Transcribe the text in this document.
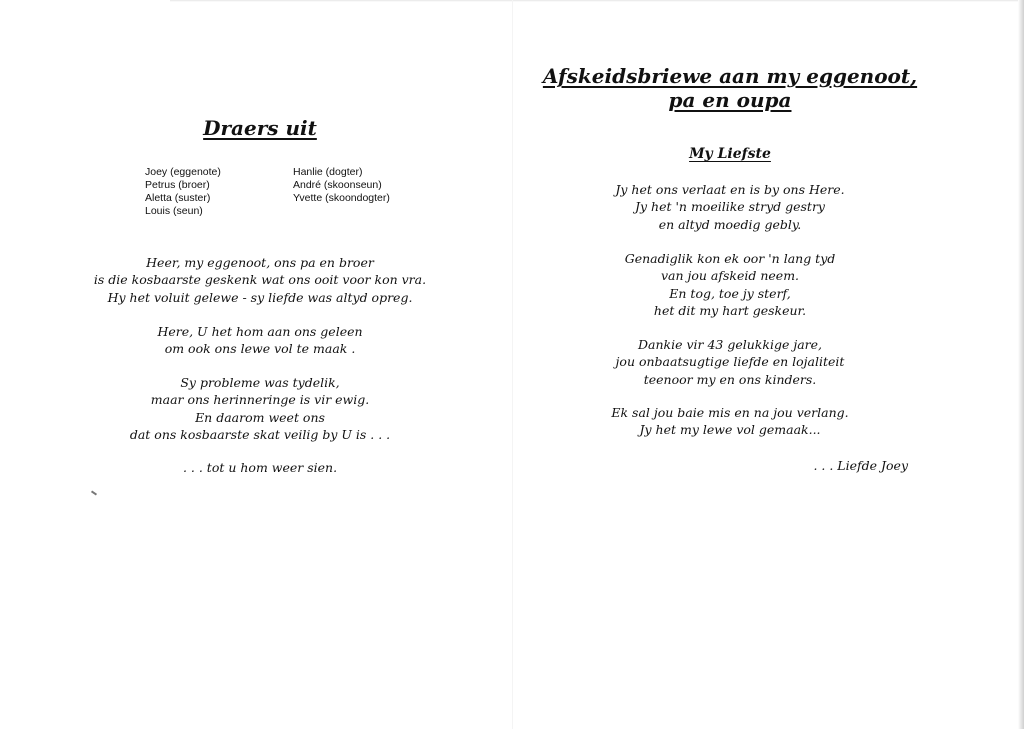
Draers uit
Joey (eggenote)
Petrus (broer)
Aletta (suster)
Louis (seun)
Hanlie (dogter)
André (skoonseun)
Yvette (skoondogter)

Heer, my eggenoot, ons pa en broer

is die kosbaarste geskenk wat ons ooit voor kon vra.

Hy het voluit gelewe - sy liefde was altyd opreg.

Here, U het hom aan ons geleen

om ook ons lewe vol te maak .

Sy probleme was tydelik,

maar ons herinneringe is vir ewig.

En daarom weet ons

dat ons kosbaarste skat veilig by U is . . .

. . . tot u hom weer sien.

Afskeidsbriewe aan my eggenoot,
pa en oupa
My Liefste

Jy het ons verlaat en is by ons Here.

Jy het 'n moeilike stryd gestry

en altyd moedig gebly.

Genadiglik kon ek oor 'n lang tyd

van jou afskeid neem.

En tog, toe jy sterf,

het dit my hart geskeur.

Dankie vir 43 gelukkige jare,

jou onbaatsugtige liefde en lojaliteit

teenoor my en ons kinders.

Ek sal jou baie mis en na jou verlang.

Jy het my lewe vol gemaak...

. . . Liefde Joey
